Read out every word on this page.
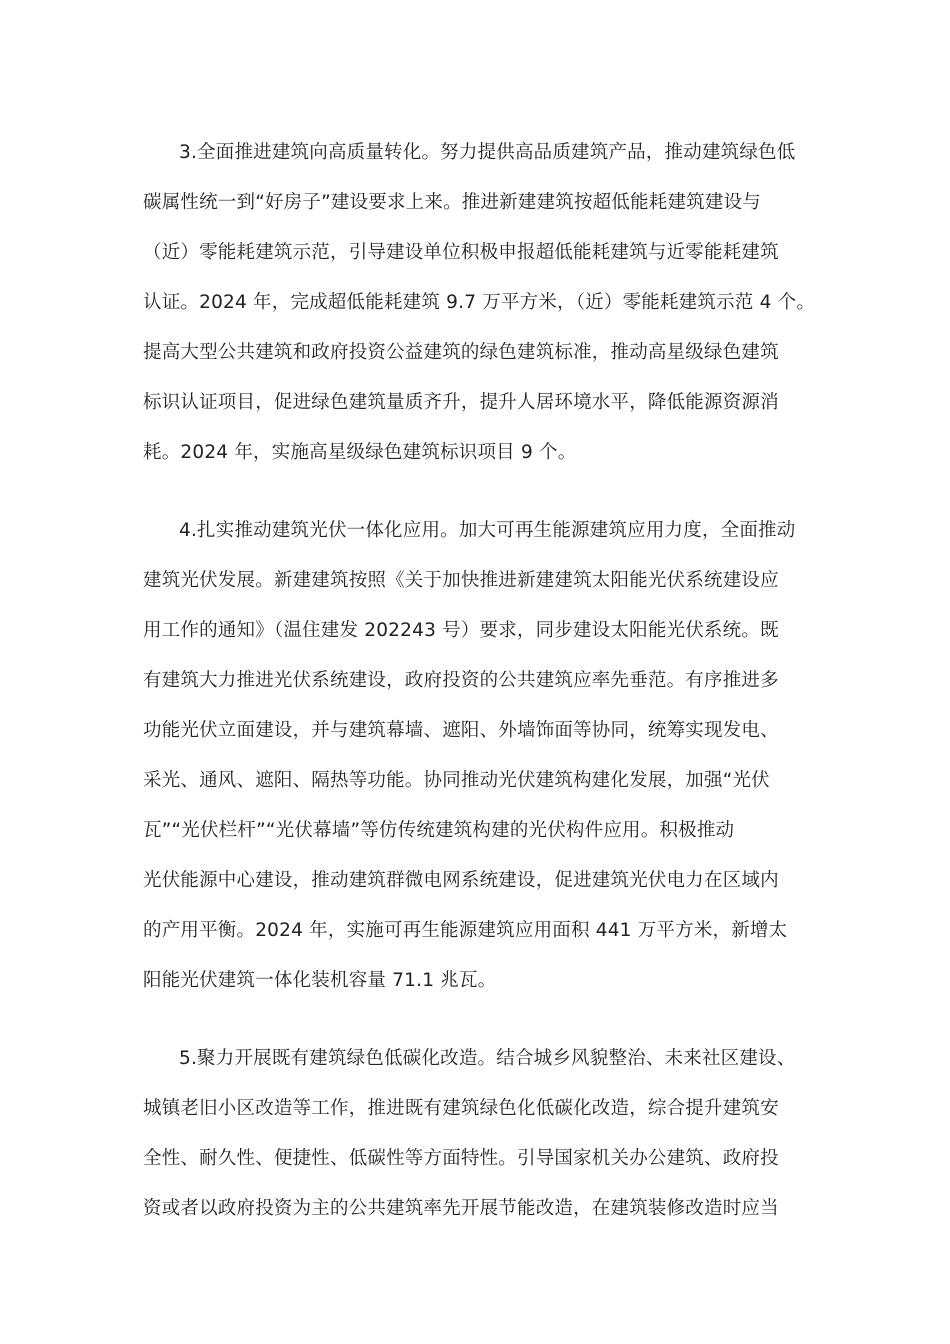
3.全面推进建筑向高质量转化。努力提供高品质建筑产品，推动建筑绿色低
碳属性统一到“好房子”建设要求上来。推进新建建筑按超低能耗建筑建设与
（近）零能耗建筑示范，引导建设单位积极申报超低能耗建筑与近零能耗建筑
认证。2024 年，完成超低能耗建筑 9.7 万平方米，（近）零能耗建筑示范 4 个。
提高大型公共建筑和政府投资公益建筑的绿色建筑标准，推动高星级绿色建筑
标识认证项目，促进绿色建筑量质齐升，提升人居环境水平，降低能源资源消
耗。2024 年，实施高星级绿色建筑标识项目 9 个。
4.扎实推动建筑光伏一体化应用。加大可再生能源建筑应用力度，全面推动
建筑光伏发展。新建建筑按照《关于加快推进新建建筑太阳能光伏系统建设应
用工作的通知》（温住建发 202243 号）要求，同步建设太阳能光伏系统。既
有建筑大力推进光伏系统建设，政府投资的公共建筑应率先垂范。有序推进多
功能光伏立面建设，并与建筑幕墙、遮阳、外墙饰面等协同，统筹实现发电、
采光、通风、遮阳、隔热等功能。协同推动光伏建筑构建化发展，加强“光伏
瓦”“光伏栏杆”“光伏幕墙”等仿传统建筑构建的光伏构件应用。积极推动
光伏能源中心建设，推动建筑群微电网系统建设，促进建筑光伏电力在区域内
的产用平衡。2024 年，实施可再生能源建筑应用面积 441 万平方米，新增太
阳能光伏建筑一体化装机容量 71.1 兆瓦。
5.聚力开展既有建筑绿色低碳化改造。结合城乡风貌整治、未来社区建设、
城镇老旧小区改造等工作，推进既有建筑绿色化低碳化改造，综合提升建筑安
全性、耐久性、便捷性、低碳性等方面特性。引导国家机关办公建筑、政府投
资或者以政府投资为主的公共建筑率先开展节能改造，在建筑装修改造时应当
